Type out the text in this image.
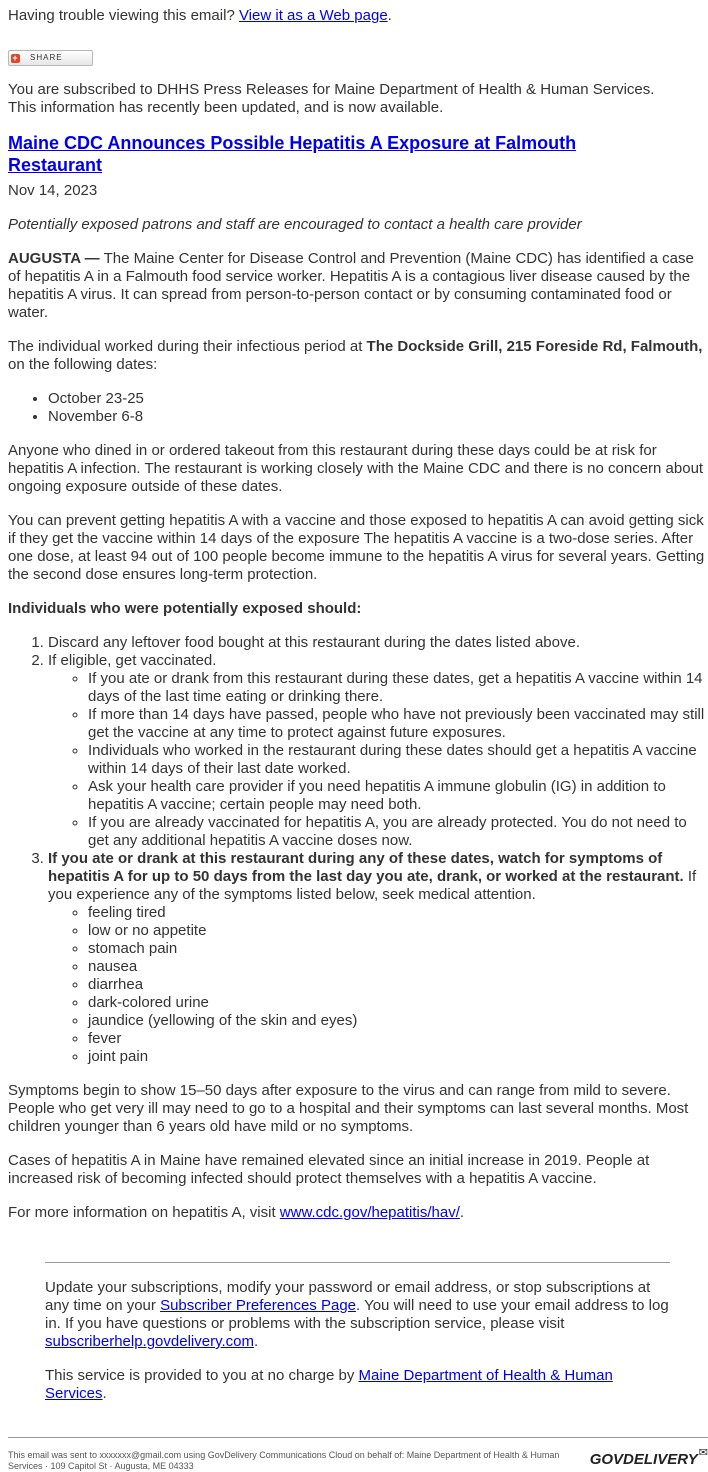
Having trouble viewing this email? View it as a Web page.

+ SHARE

You are subscribed to DHHS Press Releases for Maine Department of Health & Human Services.

This information has recently been updated, and is now available.

Maine CDC Announces Possible Hepatitis A Exposure at Falmouth Restaurant

Nov 14, 2023

Potentially exposed patrons and staff are encouraged to contact a health care provider

AUGUSTA — The Maine Center for Disease Control and Prevention (Maine CDC) has identified a case of hepatitis A in a Falmouth food service worker. Hepatitis A is a contagious liver disease caused by the hepatitis A virus. It can spread from person-to-person contact or by consuming contaminated food or water.

The individual worked during their infectious period at The Dockside Grill, 215 Foreside Rd, Falmouth, on the following dates:

• October 23-25
• November 6-8

Anyone who dined in or ordered takeout from this restaurant during these days could be at risk for hepatitis A infection. The restaurant is working closely with the Maine CDC and there is no concern about ongoing exposure outside of these dates.

You can prevent getting hepatitis A with a vaccine and those exposed to hepatitis A can avoid getting sick if they get the vaccine within 14 days of the exposure The hepatitis A vaccine is a two-dose series. After one dose, at least 94 out of 100 people become immune to the hepatitis A virus for several years. Getting the second dose ensures long-term protection.

Individuals who were potentially exposed should:

1. Discard any leftover food bought at this restaurant during the dates listed above.
2. If eligible, get vaccinated.
◦ If you ate or drank from this restaurant during these dates, get a hepatitis A vaccine within 14 days of the last time eating or drinking there.
◦ If more than 14 days have passed, people who have not previously been vaccinated may still get the vaccine at any time to protect against future exposures.
◦ Individuals who worked in the restaurant during these dates should get a hepatitis A vaccine within 14 days of their last date worked.
◦ Ask your health care provider if you need hepatitis A immune globulin (IG) in addition to hepatitis A vaccine; certain people may need both.
◦ If you are already vaccinated for hepatitis A, you are already protected. You do not need to get any additional hepatitis A vaccine doses now.
3. If you ate or drank at this restaurant during any of these dates, watch for symptoms of hepatitis A for up to 50 days from the last day you ate, drank, or worked at the restaurant. If you experience any of the symptoms listed below, seek medical attention.
◦ feeling tired
◦ low or no appetite
◦ stomach pain
◦ nausea
◦ diarrhea
◦ dark-colored urine
◦ jaundice (yellowing of the skin and eyes)
◦ fever
◦ joint pain

Symptoms begin to show 15–50 days after exposure to the virus and can range from mild to severe. People who get very ill may need to go to a hospital and their symptoms can last several months. Most children younger than 6 years old have mild or no symptoms.

Cases of hepatitis A in Maine have remained elevated since an initial increase in 2019. People at increased risk of becoming infected should protect themselves with a hepatitis A vaccine.

For more information on hepatitis A, visit www.cdc.gov/hepatitis/hav/.

Update your subscriptions, modify your password or email address, or stop subscriptions at any time on your Subscriber Preferences Page. You will need to use your email address to log in. If you have questions or problems with the subscription service, please visit subscriberhelp.govdelivery.com.

This service is provided to you at no charge by Maine Department of Health & Human Services.

This email was sent to xxxxxxx@gmail.com using GovDelivery Communications Cloud on behalf of: Maine Department of Health & Human Services · 109 Capitol St · Augusta, ME 04333	GOVDELIVERY✉
